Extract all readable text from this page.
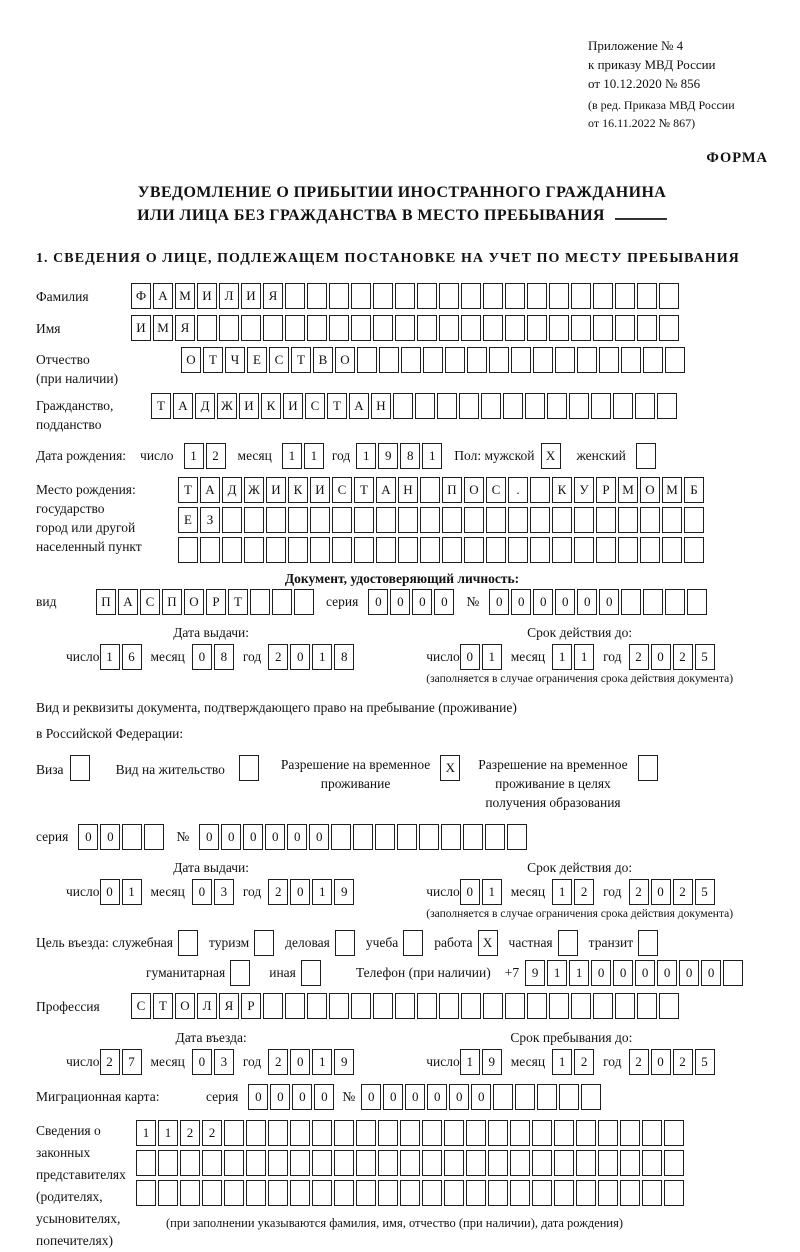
Приложение № 4
к приказу МВД России
от 10.12.2020 № 856
(в ред. Приказа МВД России
от 16.11.2022 № 867)
ФОРМА
УВЕДОМЛЕНИЕ О ПРИБЫТИИ ИНОСТРАННОГО ГРАЖДАНИНА
ИЛИ ЛИЦА БЕЗ ГРАЖДАНСТВА В МЕСТО ПРЕБЫВАНИЯ
1. СВЕДЕНИЯ О ЛИЦЕ, ПОДЛЕЖАЩЕМ ПОСТАНОВКЕ НА УЧЕТ ПО МЕСТУ ПРЕБЫВАНИЯ
Фамилия	Ф А М И Л И Я
Имя	И М Я
Отчество
(при наличии)
О	Т	Ч	Е	С	Т	В О
Гражданство,
подданство
Т	А Д Ж И К И С	Т	А Н
Дата рождения: число	1	2	месяц	1	1	год 1	9	8	1	Пол: мужской X	женский
Место рождения:
государство
город или другой
населенный пункт
Т	А Д Ж И К И С	Т	А Н	П О С	.	К	У	Р М О М Б
Е	З
Документ, удостоверяющий личность:
вид	П А С П О	Р	Т	серия	0	0	0	0	№	0	0	0	0	0	0
Дата выдачи:
число 1	6	месяц	0	8	год	2	0	1	8
Срок действия до:
число 0	1	месяц	1	1	год	2	0	2	5
(заполняется в случае ограничения срока действия документа)
Вид и реквизиты документа, подтверждающего право на пребывание (проживание)
в Российской Федерации:
Виза	Вид на жительство	Разрешение на временное
проживание
X	Разрешение на временное
проживание в целях
получения образования
серия	0	0	№	0	0	0	0	0	0
Дата выдачи:
число 0	1	месяц	0	3	год	2	0	1	9
Срок действия до:
число 0	1	месяц	1	2	год	2	0	2	5
(заполняется в случае ограничения срока действия документа)
Цель въезда: служебная	туризм	деловая	учеба	работа X	частная	транзит
гуманитарная	иная	Телефон (при наличии) +7 9	1	1	0	0	0	0	0	0
Профессия	С	Т	О Л	Я	Р
Дата въезда:
число 2	7	месяц	0	3	год	2	0	1	9
Срок пребывания до:
число 1	9	месяц	1	2	год	2	0	2	5
Миграционная карта:	серия	0	0	0	0	№ 0	0	0	0	0	0
Сведения о
законных
представителях
(родителях,
усыновителях,
попечителях)
1	1	2	2
(при заполнении указываются фамилия, имя, отчество (при наличии), дата рождения)
